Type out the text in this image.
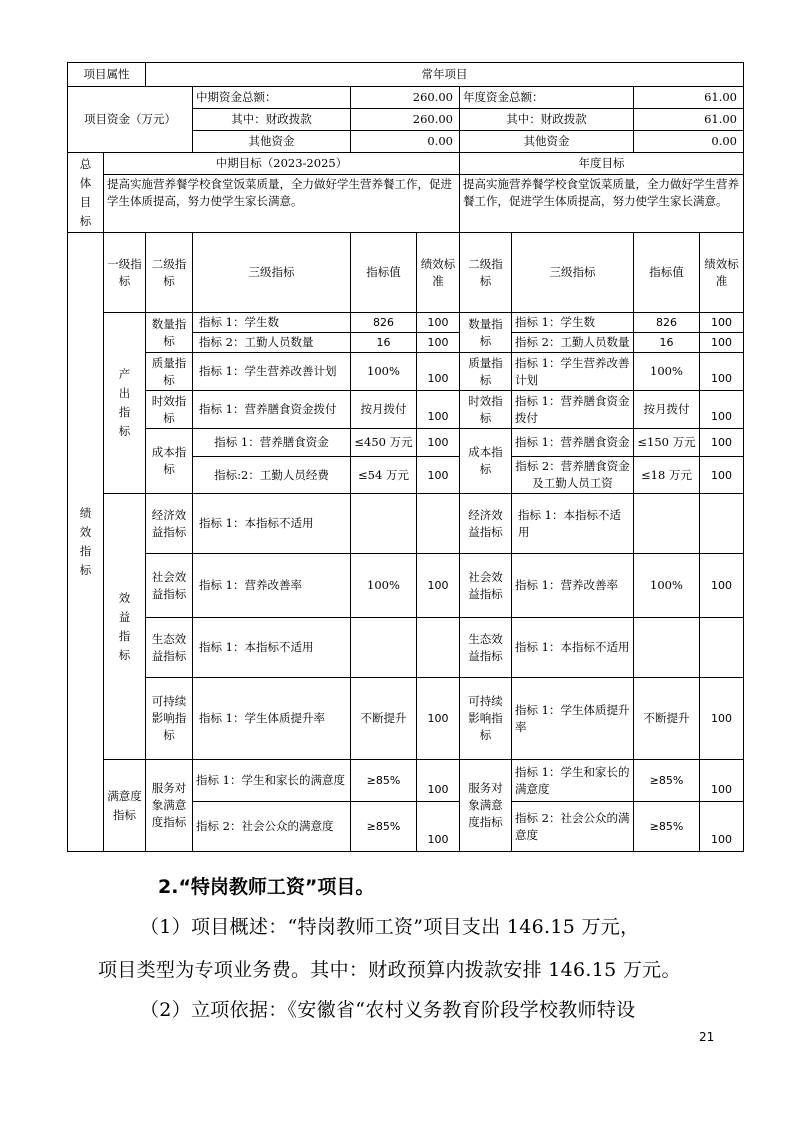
项目属性		常年项目							
项目资金（万元）			中期资金总额：	260.00		年度资金总额：		61.00	
			其中：财政拨款	260.00		其中：财政拨款		61.00	
			其他资金	0.00		其他资金		0.00	
总体目标	中期目标（2023-2025）					年度目标			
	提高实施营养餐学校食堂饭菜质量，全力做好学生营养餐工作，促进学生体质提高，努力使学生家长满意。					提高实施营养餐学校食堂饭菜质量，全力做好学生营养餐工作，促进学生体质提高，努力使学生家长满意。			
绩效指标	一级指标	二级指标	三级指标	指标值	绩效标准	二级指标	三级指标	指标值	绩效标准
	产出指标	数量指标	指标 1：学生数	826	100	数量指标	指标 1：学生数	826	100
			指标 2：工勤人员数量	16	100		指标 2：工勤人员数量	16	100
		质量指标	指标 1：学生营养改善计划	100%	100	质量指标	指标 1：学生营养改善计划	100%	100
		时效指标	指标 1：营养膳食资金拨付	按月拨付	100	时效指标	指标 1：营养膳食资金拨付	按月拨付	100
		成本指标	指标 1：营养膳食资金	≤450 万元	100	成本指标	指标 1：营养膳食资金	≤150 万元	100
			指标:2：工勤人员经费	≤54 万元	100		指标 2：营养膳食资金及工勤人员工资	≤18 万元	100
	效益指标	经济效益指标	指标 1：本指标不适用			经济效益指标	指标 1：本指标不适用		
		社会效益指标	指标 1：营养改善率	100%	100	社会效益指标	指标 1：营养改善率	100%	100
		生态效益指标	指标 1：本指标不适用			生态效益指标	指标 1：本指标不适用		
		可持续影响指标	指标 1：学生体质提升率	不断提升	100	可持续影响指标	指标 1：学生体质提升率	不断提升	100
	满意度指标	服务对象满意度指标	指标 1：学生和家长的满意度	≥85%	100	服务对象满意度指标	指标 1：学生和家长的满意度	≥85%	100
			指标 2：社会公众的满意度	≥85%	100		指标 2：社会公众的满意度	≥85%	100
2.“特岗教师工资”项目。
（1）项目概述：“特岗教师工资”项目支出 146.15 万元，
项目类型为专项业务费。其中：财政预算内拨款安排 146.15 万元。
（2）立项依据：《安徽省“农村义务教育阶段学校教师特设
21
